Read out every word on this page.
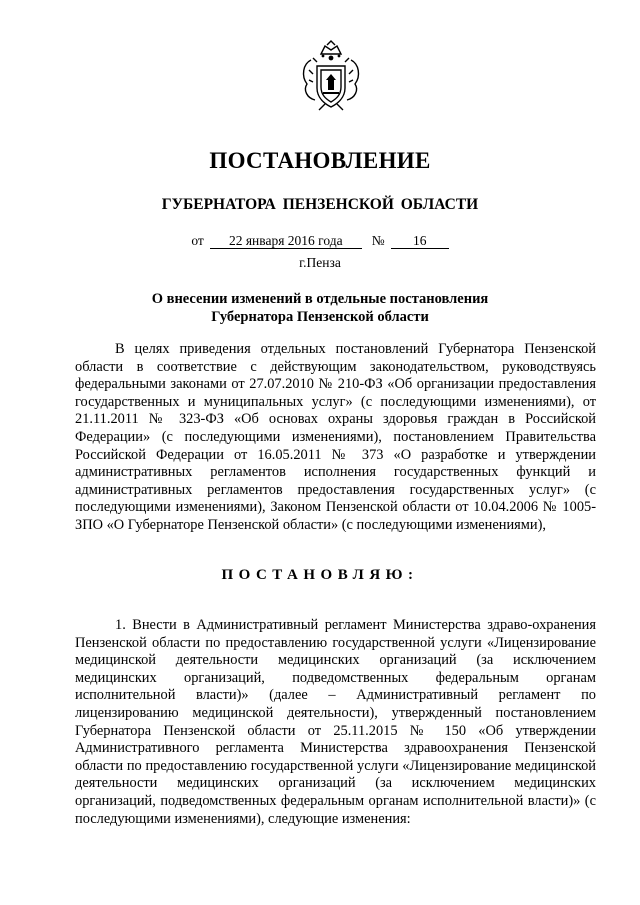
ПОСТАНОВЛЕНИЕ
ГУБЕРНАТОРА ПЕНЗЕНСКОЙ ОБЛАСТИ
от 22 января 2016 года № 16
г.Пенза
О внесении изменений в отдельные постановления
Губернатора Пензенской области

В целях приведения отдельных постановлений Губернатора Пензенской области в соответствие с действующим законодательством, руководствуясь федеральными законами от 27.07.2010 № 210-ФЗ «Об организации предоставления государственных и муниципальных услуг» (с последующими изменениями), от 21.11.2011 № 323-ФЗ «Об основах охраны здоровья граждан в Российской Федерации» (с последующими изменениями), постановлением Правительства Российской Федерации от 16.05.2011 № 373 «О разработке и утверждении административных регламентов исполнения государственных функций и административных регламентов предоставления государственных услуг» (с последующими изменениями), Законом Пензенской области от 10.04.2006 № 1005-ЗПО «О Губернаторе Пензенской области» (с последующими изменениями),

ПОСТАНОВЛЯЮ:

1. Внести в Административный регламент Министерства здраво-охранения Пензенской области по предоставлению государственной услуги «Лицензирование медицинской деятельности медицинских организаций (за исключением медицинских организаций, подведомственных федеральным органам исполнительной власти)» (далее – Административный регламент по лицензированию медицинской деятельности), утвержденный постановлением Губернатора Пензенской области от 25.11.2015 № 150 «Об утверждении Административного регламента Министерства здравоохранения Пензенской области по предоставлению государственной услуги «Лицензирование медицинской деятельности медицинских организаций (за исключением медицинских организаций, подведомственных федеральным органам исполнительной власти)» (с последующими изменениями), следующие изменения:
